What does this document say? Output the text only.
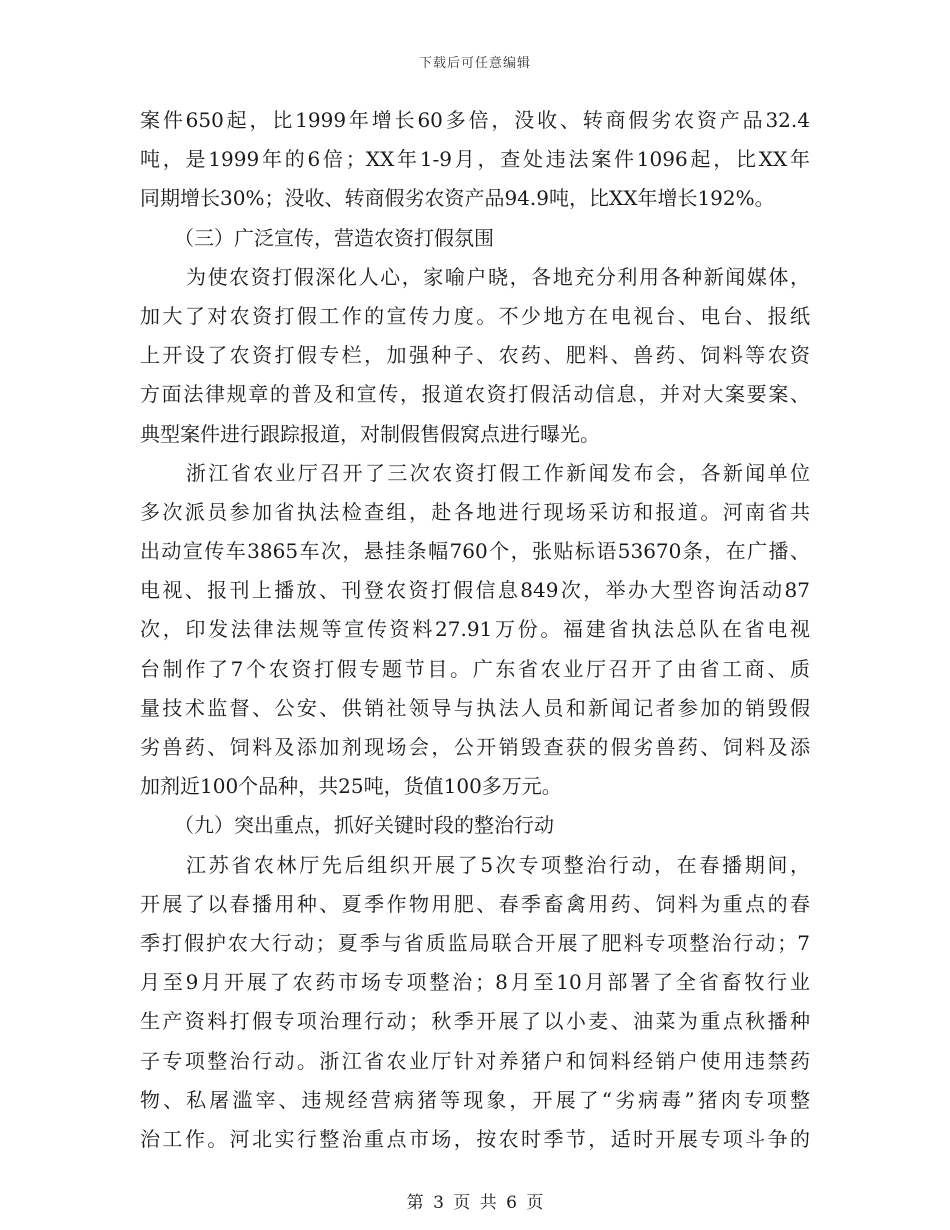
下载后可任意编辑
案件650起，比1999年增长60多倍，没收、转商假劣农资产品32.4
吨，是1999年的6倍；XX年1-9月，查处违法案件1096起，比XX年
同期增长30%；没收、转商假劣农资产品94.9吨，比XX年增长192%。
（三）广泛宣传，营造农资打假氛围
为使农资打假深化人心，家喻户晓，各地充分利用各种新闻媒体，
加大了对农资打假工作的宣传力度。不少地方在电视台、电台、报纸
上开设了农资打假专栏，加强种子、农药、肥料、兽药、饲料等农资
方面法律规章的普及和宣传，报道农资打假活动信息，并对大案要案、
典型案件进行跟踪报道，对制假售假窝点进行曝光。
浙江省农业厅召开了三次农资打假工作新闻发布会，各新闻单位
多次派员参加省执法检查组，赴各地进行现场采访和报道。河南省共
出动宣传车3865车次，悬挂条幅760个，张贴标语53670条，在广播、
电视、报刊上播放、刊登农资打假信息849次，举办大型咨询活动87
次，印发法律法规等宣传资料27.91万份。福建省执法总队在省电视
台制作了7个农资打假专题节目。广东省农业厅召开了由省工商、质
量技术监督、公安、供销社领导与执法人员和新闻记者参加的销毁假
劣兽药、饲料及添加剂现场会，公开销毁查获的假劣兽药、饲料及添
加剂近100个品种，共25吨，货值100多万元。
（九）突出重点，抓好关键时段的整治行动
江苏省农林厅先后组织开展了5次专项整治行动，在春播期间，
开展了以春播用种、夏季作物用肥、春季畜禽用药、饲料为重点的春
季打假护农大行动；夏季与省质监局联合开展了肥料专项整治行动；7
月至9月开展了农药市场专项整治；8月至10月部署了全省畜牧行业
生产资料打假专项治理行动；秋季开展了以小麦、油菜为重点秋播种
子专项整治行动。浙江省农业厅针对养猪户和饲料经销户使用违禁药
物、私屠滥宰、违规经营病猪等现象，开展了“劣病毒”猪肉专项整
治工作。河北实行整治重点市场，按农时季节，适时开展专项斗争的
第 3 页 共 6 页
